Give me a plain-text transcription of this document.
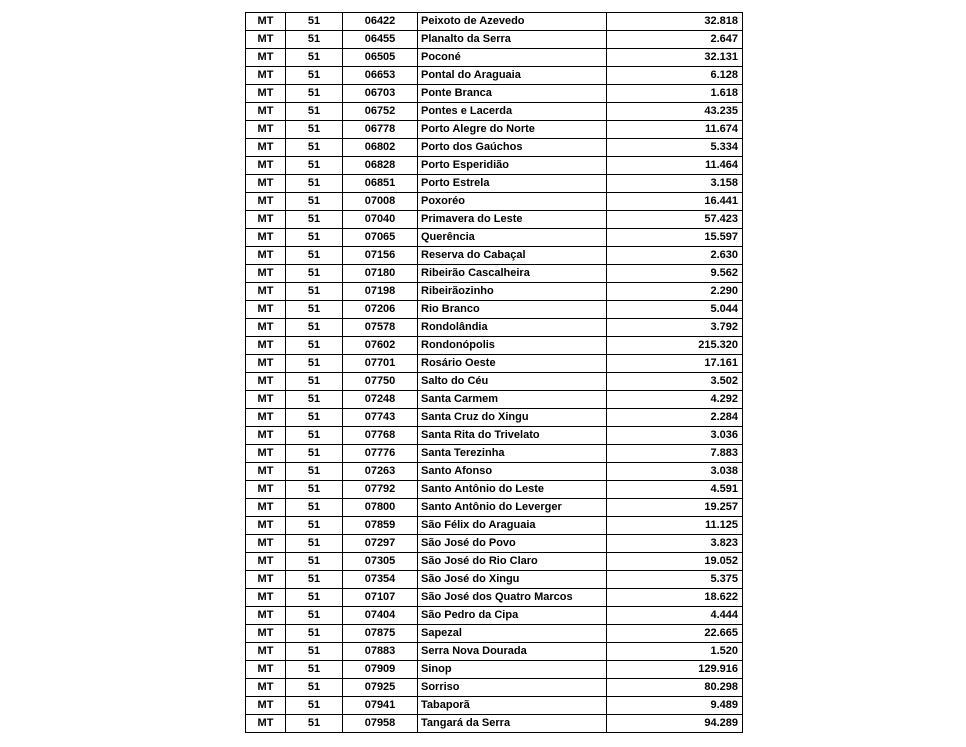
MT	51	06422	Peixoto de Azevedo	32.818
MT	51	06455	Planalto da Serra	2.647
MT	51	06505	Poconé	32.131
MT	51	06653	Pontal do Araguaia	6.128
MT	51	06703	Ponte Branca	1.618
MT	51	06752	Pontes e Lacerda	43.235
MT	51	06778	Porto Alegre do Norte	11.674
MT	51	06802	Porto dos Gaúchos	5.334
MT	51	06828	Porto Esperidião	11.464
MT	51	06851	Porto Estrela	3.158
MT	51	07008	Poxoréo	16.441
MT	51	07040	Primavera do Leste	57.423
MT	51	07065	Querência	15.597
MT	51	07156	Reserva do Cabaçal	2.630
MT	51	07180	Ribeirão Cascalheira	9.562
MT	51	07198	Ribeirãozinho	2.290
MT	51	07206	Rio Branco	5.044
MT	51	07578	Rondolândia	3.792
MT	51	07602	Rondonópolis	215.320
MT	51	07701	Rosário Oeste	17.161
MT	51	07750	Salto do Céu	3.502
MT	51	07248	Santa Carmem	4.292
MT	51	07743	Santa Cruz do Xingu	2.284
MT	51	07768	Santa Rita do Trivelato	3.036
MT	51	07776	Santa Terezinha	7.883
MT	51	07263	Santo Afonso	3.038
MT	51	07792	Santo Antônio do Leste	4.591
MT	51	07800	Santo Antônio do Leverger	19.257
MT	51	07859	São Félix do Araguaia	11.125
MT	51	07297	São José do Povo	3.823
MT	51	07305	São José do Rio Claro	19.052
MT	51	07354	São José do Xingu	5.375
MT	51	07107	São José dos Quatro Marcos	18.622
MT	51	07404	São Pedro da Cipa	4.444
MT	51	07875	Sapezal	22.665
MT	51	07883	Serra Nova Dourada	1.520
MT	51	07909	Sinop	129.916
MT	51	07925	Sorriso	80.298
MT	51	07941	Tabaporã	9.489
MT	51	07958	Tangará da Serra	94.289
